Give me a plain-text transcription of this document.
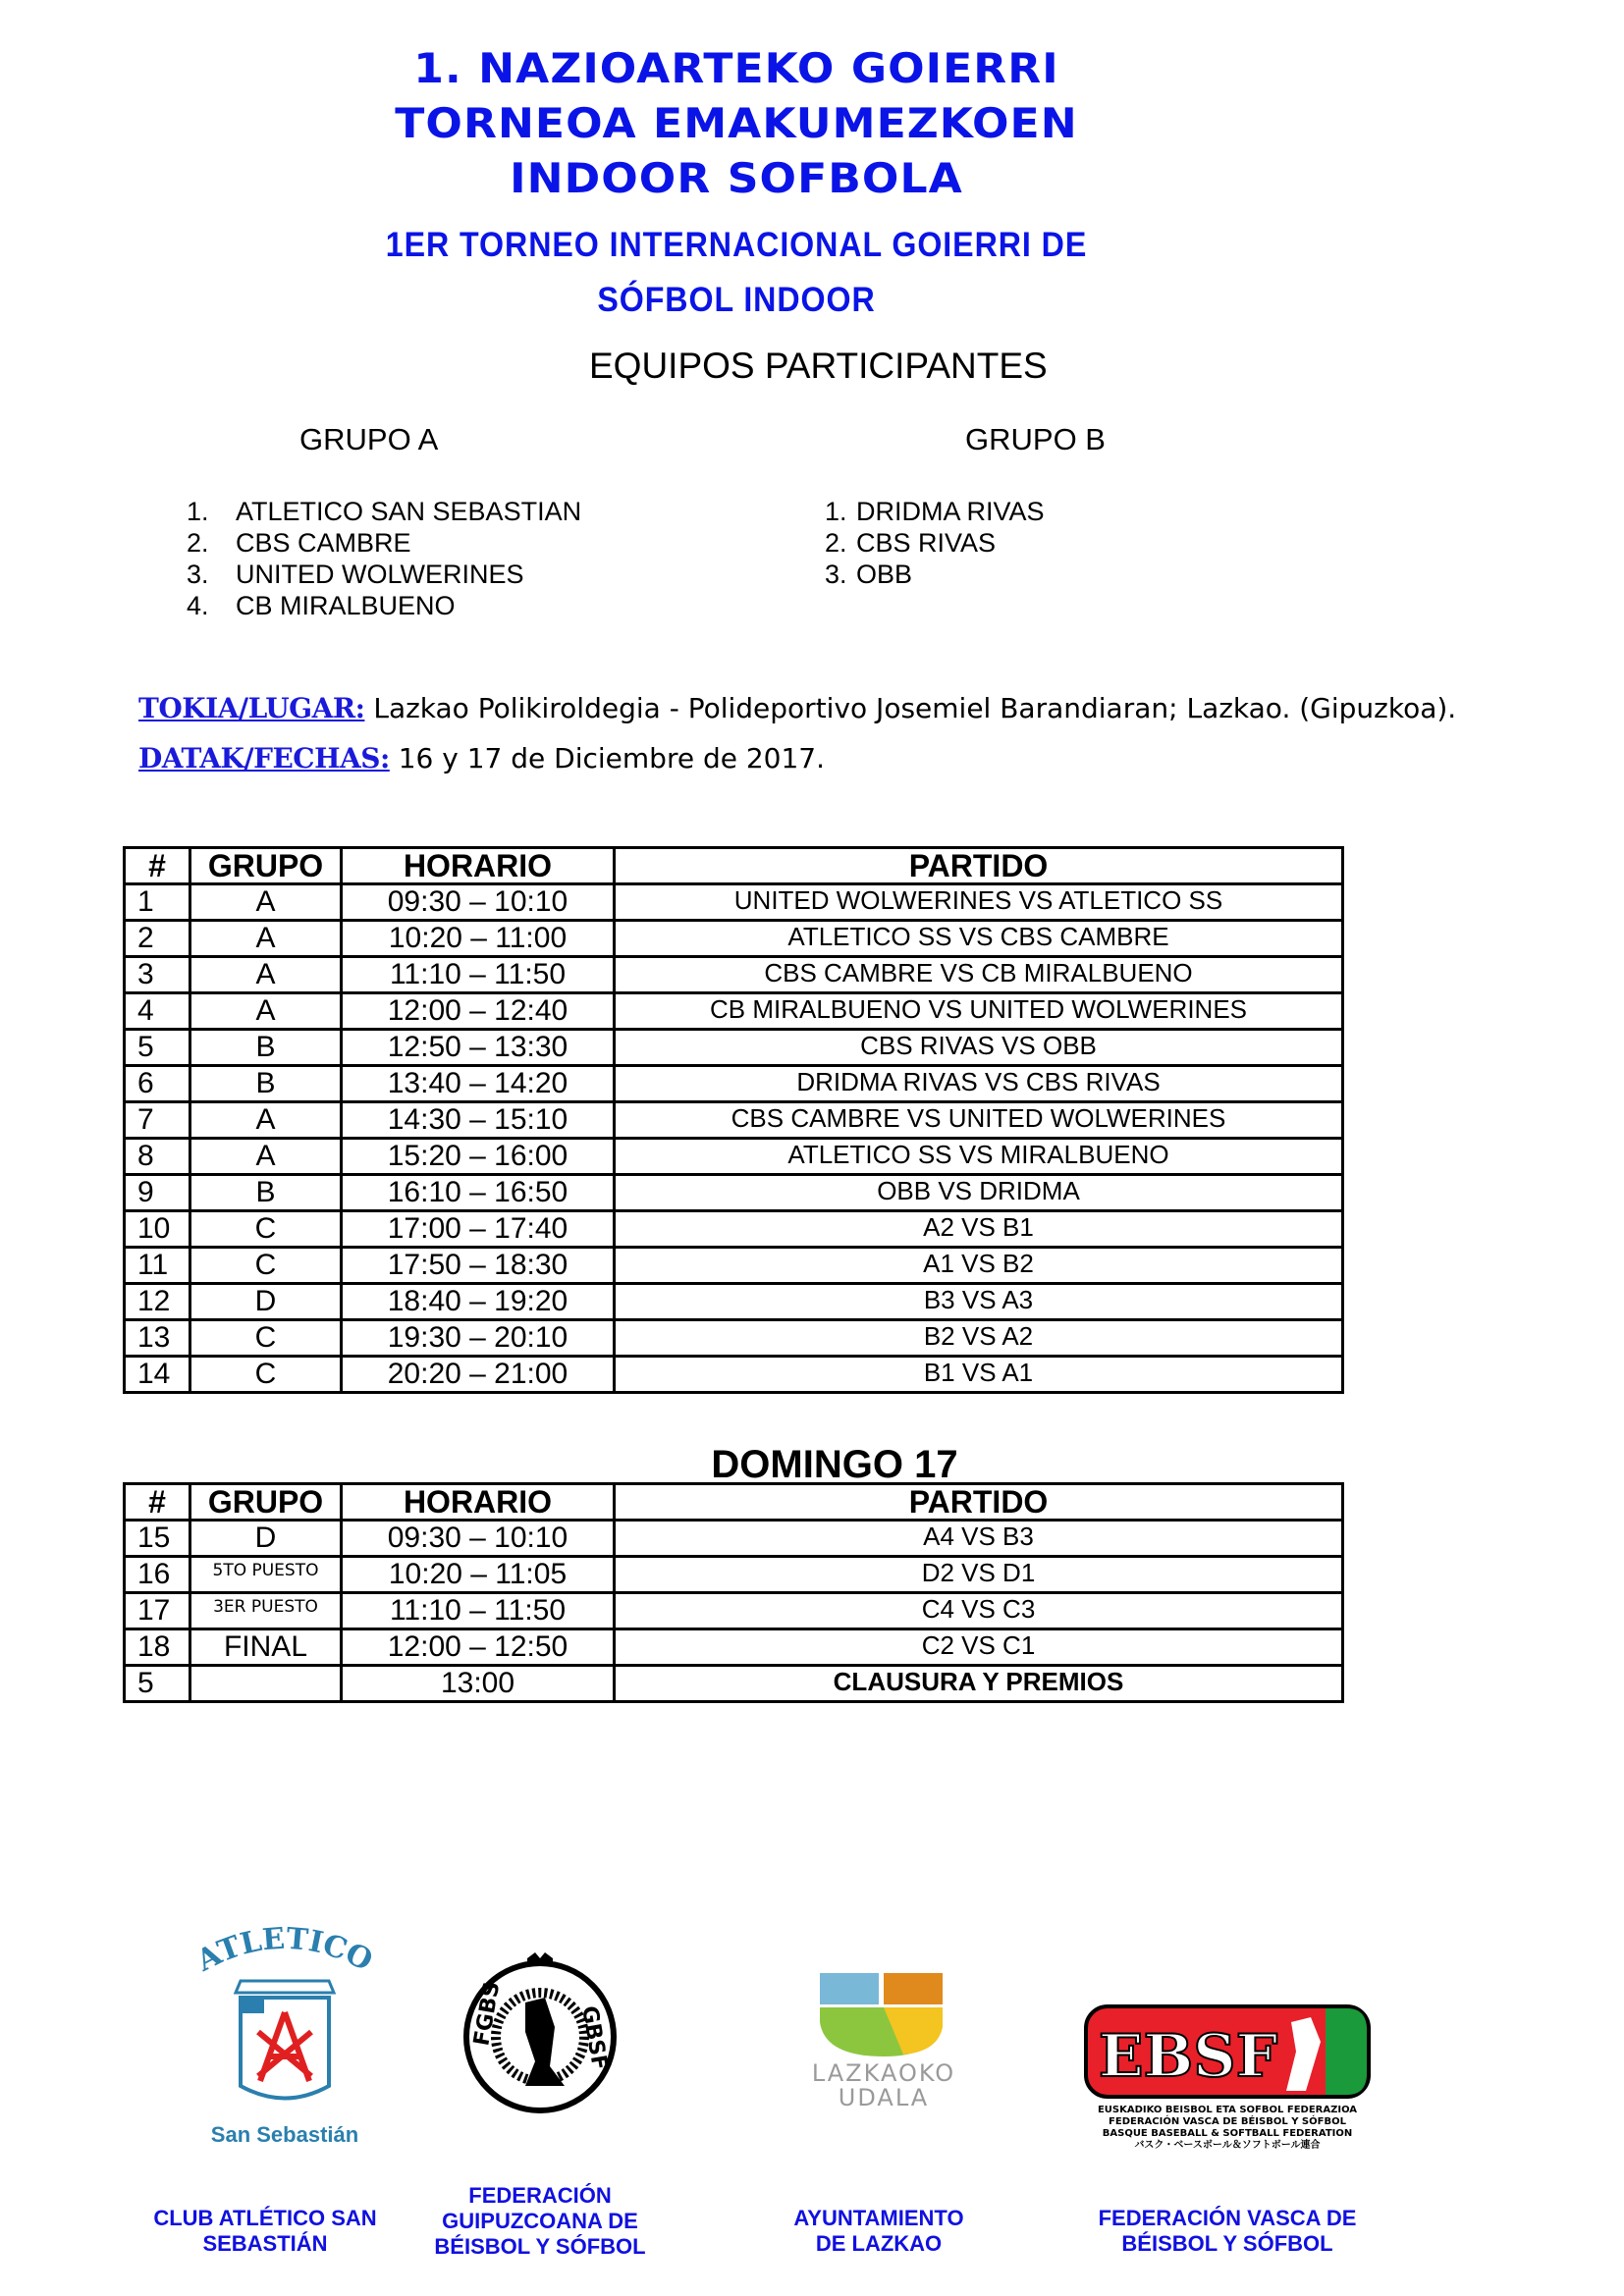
1. NAZIOARTEKO GOIERRI
TORNEOA EMAKUMEZKOEN
INDOOR SOFBOLA
1ER TORNEO INTERNACIONAL GOIERRI DE
SÓFBOL INDOOR
EQUIPOS PARTICIPANTES
GRUPO A	GRUPO B
1.	ATLETICO SAN SEBASTIAN
2.	CBS CAMBRE
3.	UNITED WOLWERINES
4.	CB MIRALBUENO
1. DRIDMA RIVAS
2. CBS RIVAS
3. OBB
TOKIA/LUGAR: Lazkao Polikiroldegia - Polideportivo Josemiel Barandiaran; Lazkao. (Gipuzkoa).
DATAK/FECHAS: 16 y 17 de Diciembre de 2017.
#	GRUPO	HORARIO	PARTIDO
1	A	09:30 – 10:10	UNITED WOLWERINES VS ATLETICO SS
2	A	10:20 – 11:00	ATLETICO SS VS CBS CAMBRE
3	A	11:10 – 11:50	CBS CAMBRE VS CB MIRALBUENO
4	A	12:00 – 12:40	CB MIRALBUENO VS UNITED WOLWERINES
5	B	12:50 – 13:30	CBS RIVAS VS OBB
6	B	13:40 – 14:20	DRIDMA RIVAS VS CBS RIVAS
7	A	14:30 – 15:10	CBS CAMBRE VS UNITED WOLWERINES
8	A	15:20 – 16:00	ATLETICO SS VS MIRALBUENO
9	B	16:10 – 16:50	OBB VS DRIDMA
10	C	17:00 – 17:40	A2 VS B1
11	C	17:50 – 18:30	A1 VS B2
12	D	18:40 – 19:20	B3 VS A3
13	C	19:30 – 20:10	B2 VS A2
14	C	20:20 – 21:00	B1 VS A1
DOMINGO 17
#	GRUPO	HORARIO	PARTIDO
15	D	09:30 – 10:10	A4 VS B3
16	5TO PUESTO	10:20 – 11:05	D2 VS D1
17	3ER PUESTO	11:10 – 11:50	C4 VS C3
18	FINAL	12:00 – 12:50	C2 VS C1
5		13:00	CLAUSURA Y PREMIOS
ATLETICO
San Sebastián
CLUB ATLÉTICO SAN
SEBASTIÁN
FGBS	GBSF
FEDERACIÓN
GUIPUZCOANA DE
BÉISBOL Y SÓFBOL
LAZKAOKO
UDALA
AYUNTAMIENTO
DE LAZKAO
EBSF
EUSKADIKO BEISBOL ETA SOFBOL FEDERAZIOA
FEDERACIÓN VASCA DE BÉISBOL Y SÓFBOL
BASQUE BASEBALL & SOFTBALL FEDERATION
バスク・ベースボール＆ソフトボール連合
FEDERACIÓN VASCA DE
BÉISBOL Y SÓFBOL
